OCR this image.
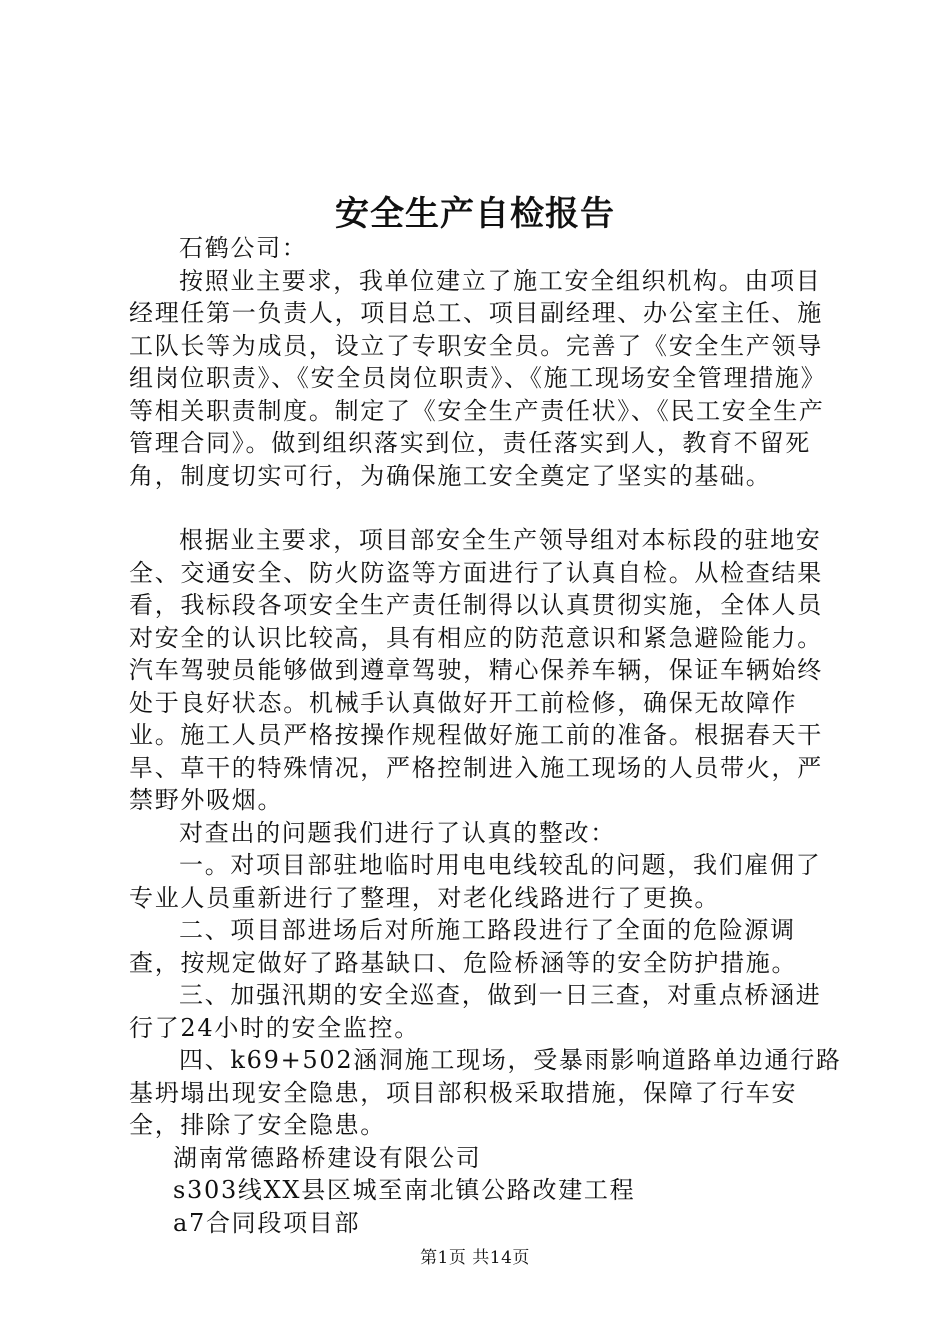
安全生产自检报告

石鹤公司：

按照业主要求，我单位建立了施工安全组织机构。由项目经理任第一负责人，项目总工、项目副经理、办公室主任、施工队长等为成员，设立了专职安全员。完善了《安全生产领导组岗位职责》、《安全员岗位职责》、《施工现场安全管理措施》等相关职责制度。制定了《安全生产责任状》、《民工安全生产管理合同》。做到组织落实到位，责任落实到人，教育不留死角，制度切实可行，为确保施工安全奠定了坚实的基础。

根据业主要求，项目部安全生产领导组对本标段的驻地安全、交通安全、防火防盗等方面进行了认真自检。从检查结果看，我标段各项安全生产责任制得以认真贯彻实施，全体人员对安全的认识比较高，具有相应的防范意识和紧急避险能力。汽车驾驶员能够做到遵章驾驶，精心保养车辆，保证车辆始终处于良好状态。机械手认真做好开工前检修，确保无故障作业。施工人员严格按操作规程做好施工前的准备。根据春天干旱、草干的特殊情况，严格控制进入施工现场的人员带火，严禁野外吸烟。

对查出的问题我们进行了认真的整改：

一。对项目部驻地临时用电电线较乱的问题，我们雇佣了专业人员重新进行了整理，对老化线路进行了更换。

二、项目部进场后对所施工路段进行了全面的危险源调查，按规定做好了路基缺口、危险桥涵等的安全防护措施。

三、加强汛期的安全巡查，做到一日三查，对重点桥涵进行了24小时的安全监控。

四、k69+502涵洞施工现场，受暴雨影响道路单边通行路基坍塌出现安全隐患，项目部积极采取措施，保障了行车安全，排除了安全隐患。

湖南常德路桥建设有限公司

s303线XX县区城至南北镇公路改建工程

a7合同段项目部

第1页 共14页
